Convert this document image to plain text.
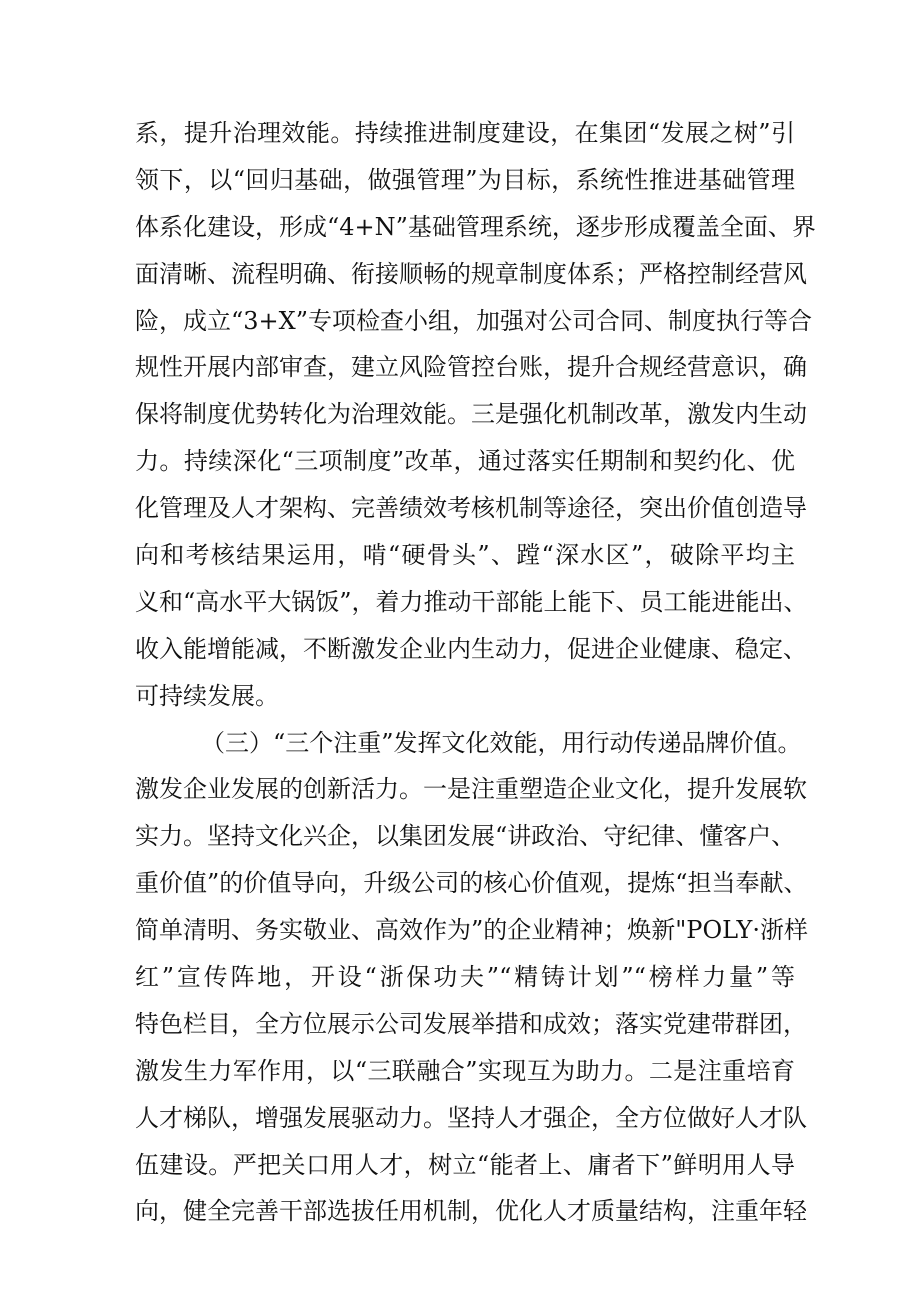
系，提升治理效能。持续推进制度建设，在集团“发展之树”引
领下，以“回归基础，做强管理”为目标，系统性推进基础管理
体系化建设，形成“4+N”基础管理系统，逐步形成覆盖全面、界
面清晰、流程明确、衔接顺畅的规章制度体系；严格控制经营风
险，成立“3+X”专项检查小组，加强对公司合同、制度执行等合
规性开展内部审查，建立风险管控台账，提升合规经营意识，确
保将制度优势转化为治理效能。三是强化机制改革，激发内生动
力。持续深化“三项制度”改革，通过落实任期制和契约化、优
化管理及人才架构、完善绩效考核机制等途径，突出价值创造导
向和考核结果运用，啃“硬骨头”、蹚“深水区”，破除平均主
义和“高水平大锅饭”，着力推动干部能上能下、员工能进能出、
收入能增能减，不断激发企业内生动力，促进企业健康、稳定、
可持续发展。
（三）“三个注重”发挥文化效能，用行动传递品牌价值。
激发企业发展的创新活力。一是注重塑造企业文化，提升发展软
实力。坚持文化兴企，以集团发展“讲政治、守纪律、懂客户、
重价值”的价值导向，升级公司的核心价值观，提炼“担当奉献、
简单清明、务实敬业、高效作为”的企业精神；焕新"POLY·浙样
红”宣传阵地，开设“浙保功夫”“精铸计划”“榜样力量”等
特色栏目，全方位展示公司发展举措和成效；落实党建带群团，
激发生力军作用，以“三联融合”实现互为助力。二是注重培育
人才梯队，增强发展驱动力。坚持人才强企，全方位做好人才队
伍建设。严把关口用人才，树立“能者上、庸者下”鲜明用人导
向，健全完善干部选拔任用机制，优化人才质量结构，注重年轻
